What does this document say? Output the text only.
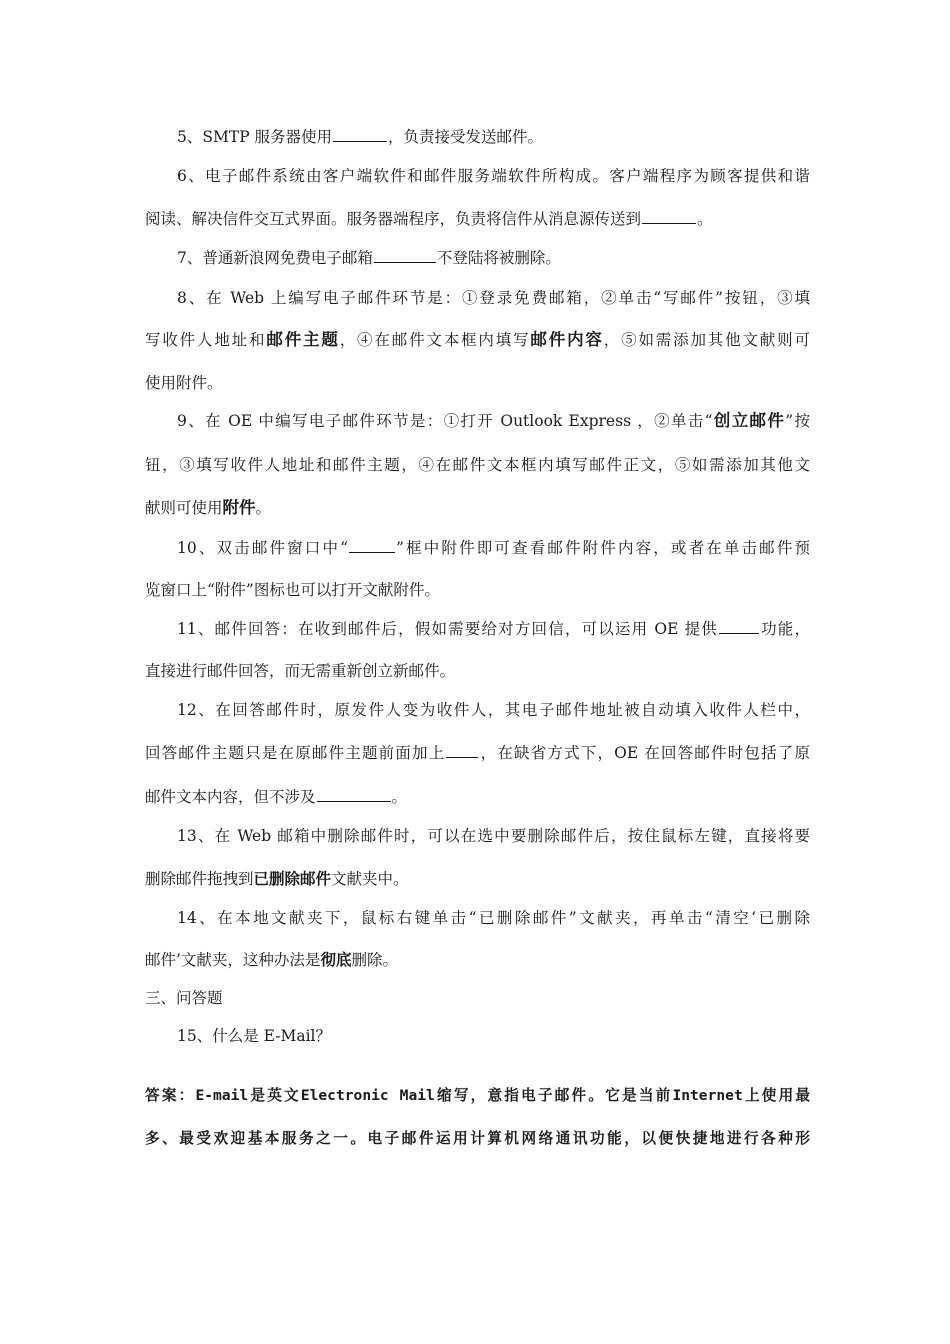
5、SMTP 服务器使用	，负责接受发送邮件。
6、电子邮件系统由客户端软件和邮件服务端软件所构成。客户端程序为顾客提供和谐
阅读、解决信件交互式界面。服务器端程序，负责将信件从消息源传送到	。
7、普通新浪网免费电子邮箱	不登陆将被删除。
8、在 Web 上编写电子邮件环节是：①登录免费邮箱，②单击“写邮件”按钮，③填
写收件人地址和邮件主题，④在邮件文本框内填写邮件内容，⑤如需添加其他文献则可
使用附件。
9、在 OE 中编写电子邮件环节是：①打开 Outlook Express ，②单击“创立邮件”按
钮，③填写收件人地址和邮件主题，④在邮件文本框内填写邮件正文，⑤如需添加其他文
献则可使用附件。
10、双击邮件窗口中“	”框中附件即可查看邮件附件内容，或者在单击邮件预
览窗口上“附件”图标也可以打开文献附件。
11、邮件回答：在收到邮件后，假如需要给对方回信，可以运用 OE 提供	功能，
直接进行邮件回答，而无需重新创立新邮件。
12、在回答邮件时，原发件人变为收件人，其电子邮件地址被自动填入收件人栏中，
回答邮件主题只是在原邮件主题前面加上 ，在缺省方式下，OE 在回答邮件时包括了原
邮件文本内容，但不涉及	。
13、在 Web 邮箱中删除邮件时，可以在选中要删除邮件后，按住鼠标左键，直接将要
删除邮件拖拽到已删除邮件文献夹中。
14、在本地文献夹下，鼠标右键单击“已删除邮件”文献夹，再单击“清空‘已删除
邮件’文献夹，这种办法是彻底删除。
三、问答题
15、什么是 E-Mail？
答案：E-mail是英文Electronic Mail缩写，意指电子邮件。它是当前Internet上使用最
多、最受欢迎基本服务之一。电子邮件运用计算机网络通讯功能，以便快捷地进行各种形
